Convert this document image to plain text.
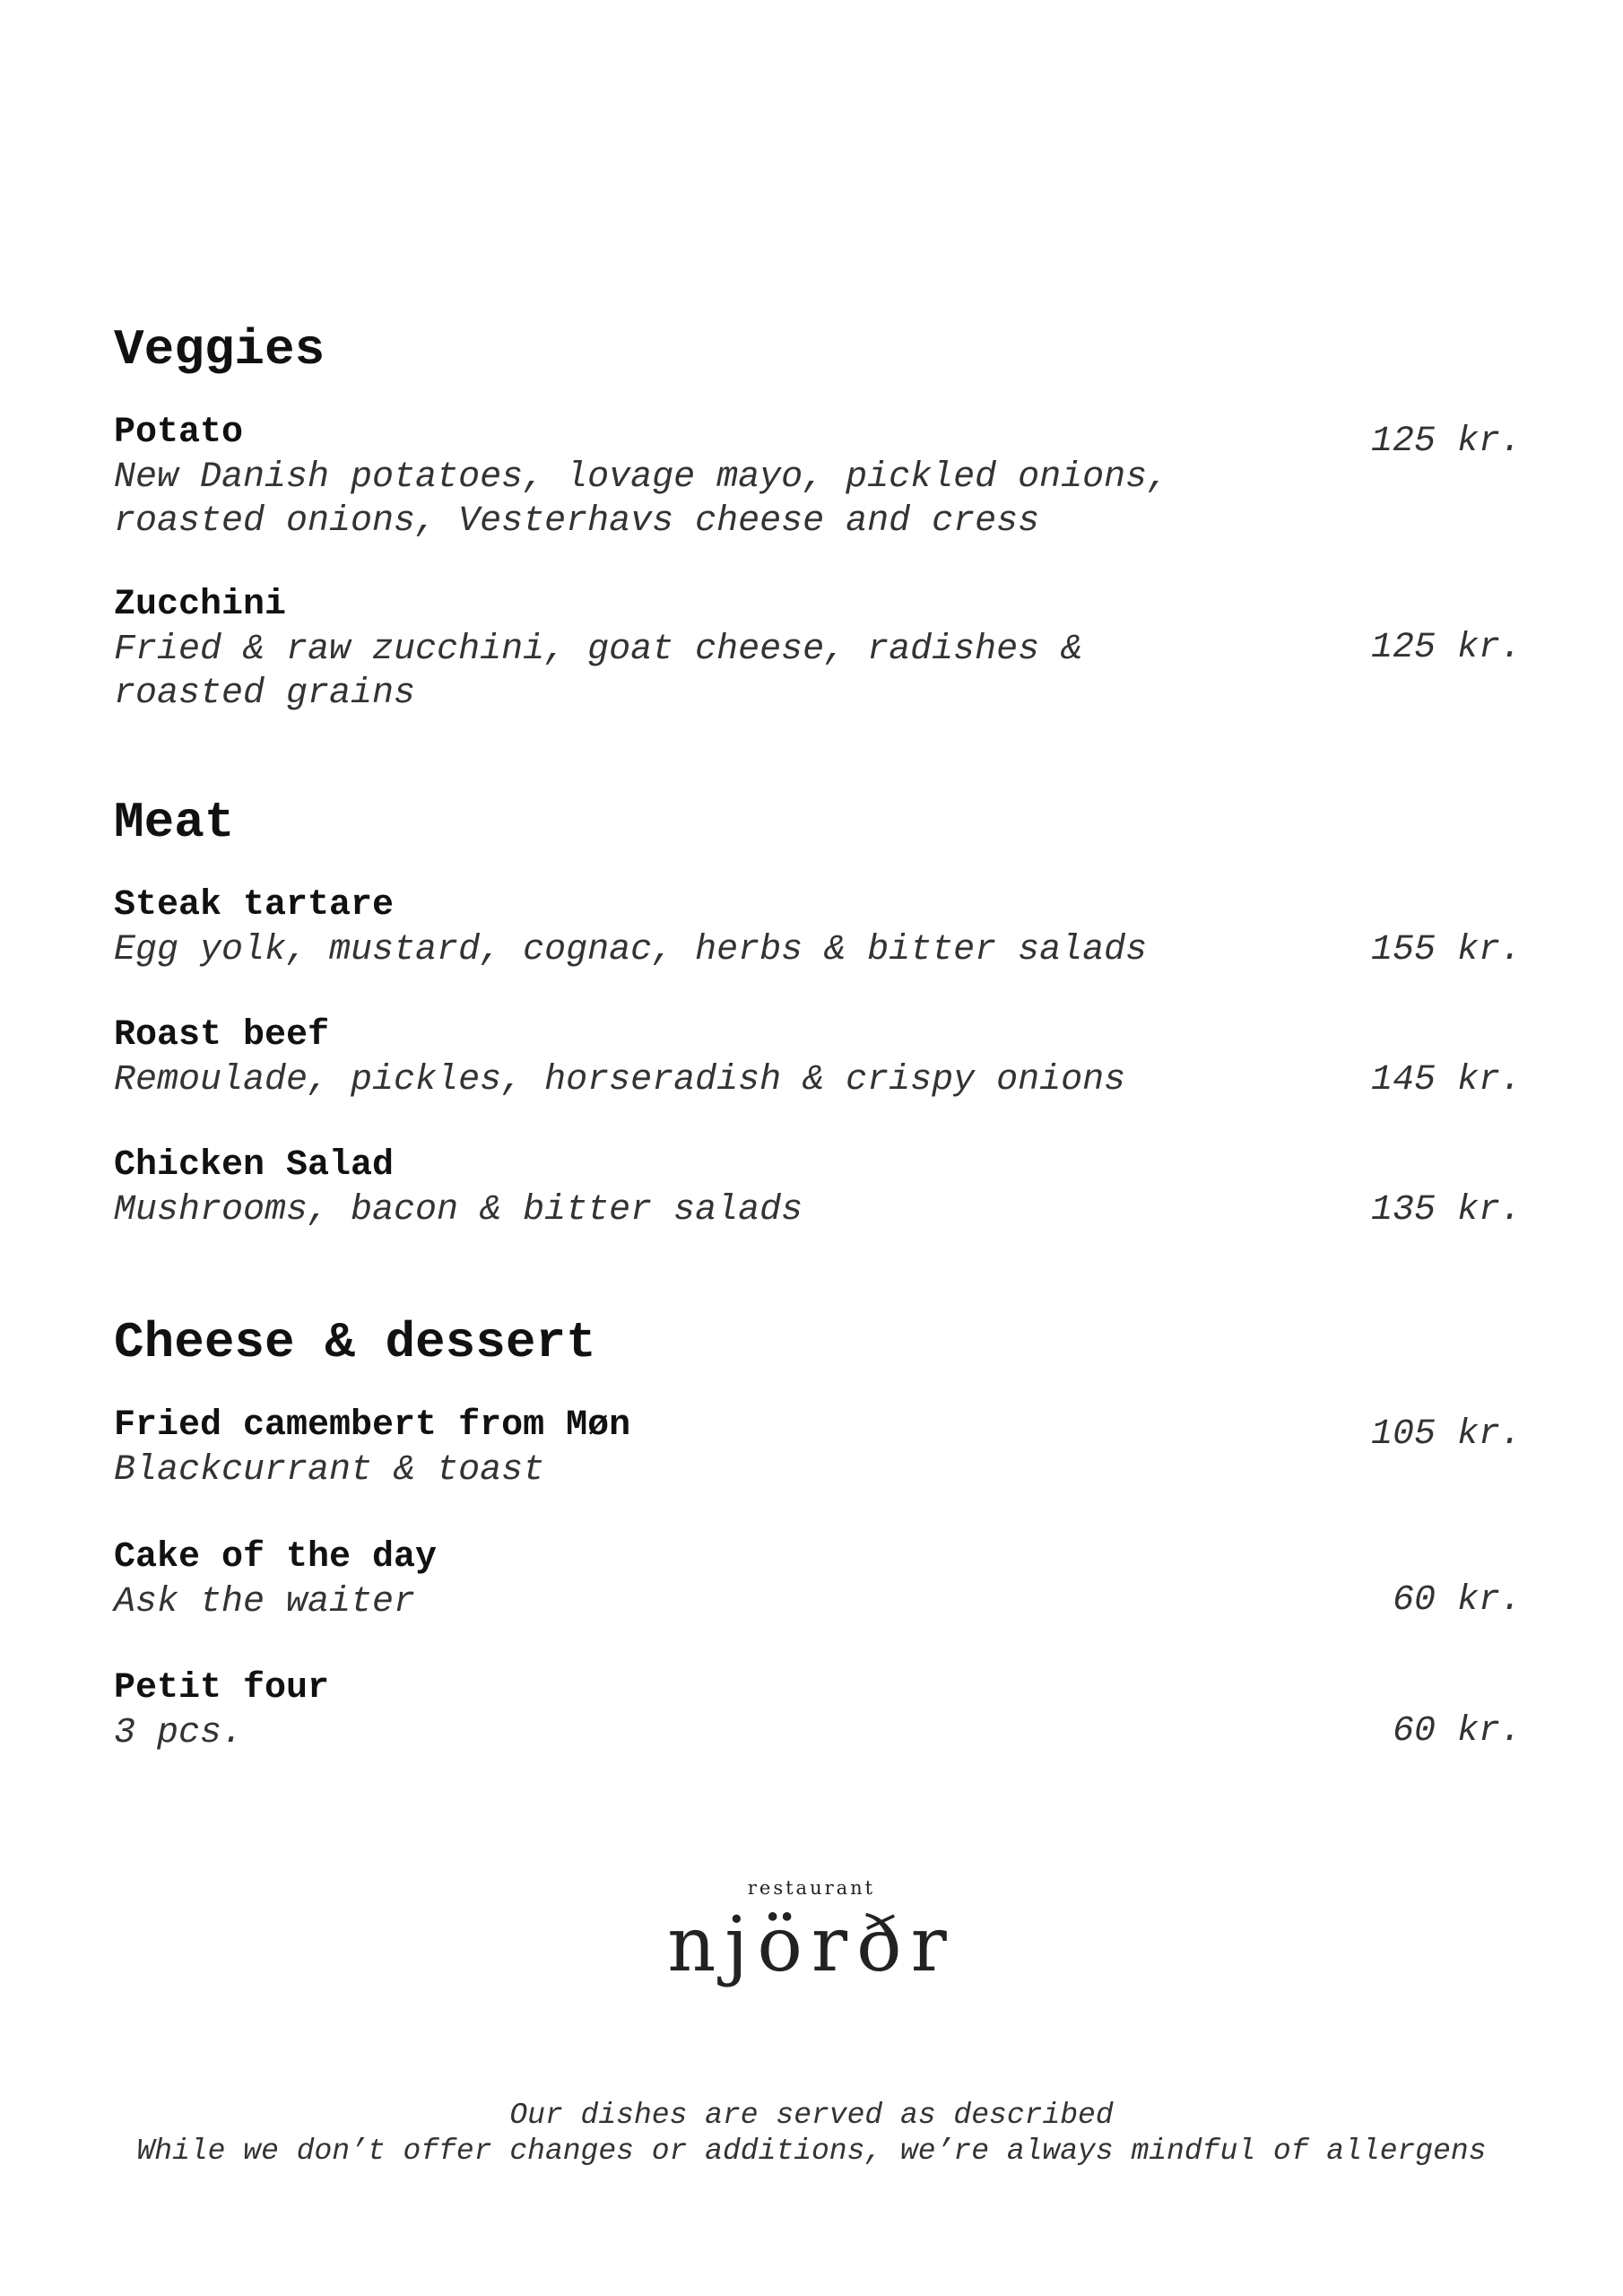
Veggies
Potato
New Danish potatoes, lovage mayo, pickled onions,
roasted onions, Vesterhavs cheese and cress
125 kr.
Zucchini
Fried & raw zucchini, goat cheese, radishes &
roasted grains
125 kr.
Meat
Steak tartare
Egg yolk, mustard, cognac, herbs & bitter salads	155 kr.
Roast beef
Remoulade, pickles, horseradish & crispy onions	145 kr.
Chicken Salad
Mushrooms, bacon & bitter salads	135 kr.
Cheese & dessert
Fried camembert from Møn
Blackcurrant & toast
105 kr.
Cake of the day
Ask the waiter	60 kr.
Petit four
3 pcs.	60 kr.
restaurant
njörðr
Our dishes are served as described
While we don’t offer changes or additions, we’re always mindful of allergens
